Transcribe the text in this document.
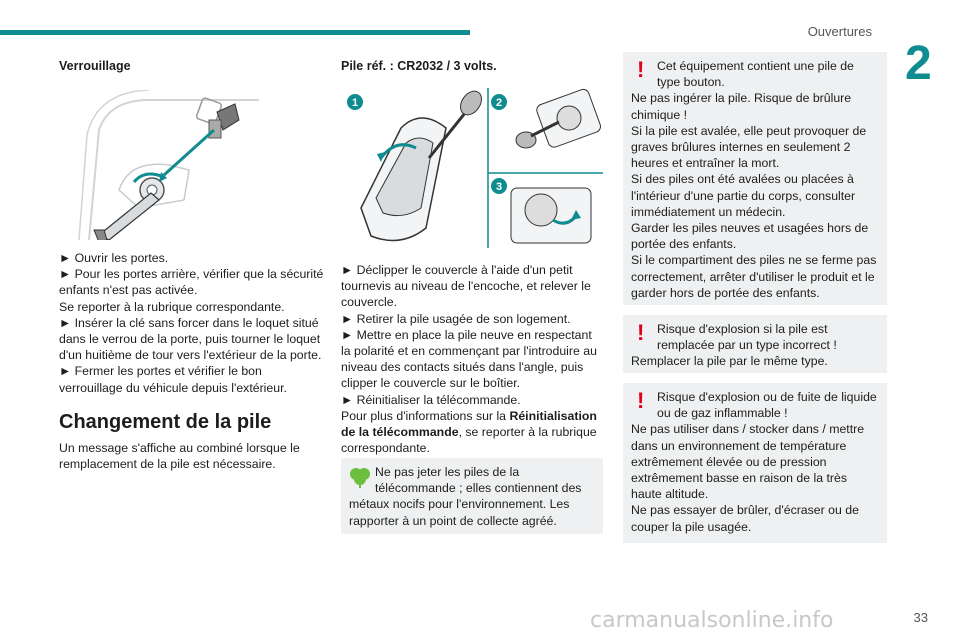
Ouvertures
2
33
Verrouillage
► Ouvrir les portes.
► Pour les portes arrière, vérifier que la sécurité enfants n'est pas activée.
Se reporter à la rubrique correspondante.
► Insérer la clé sans forcer dans le loquet situé dans le verrou de la porte, puis tourner le loquet d'un huitième de tour vers l'extérieur de la porte.
► Fermer les portes et vérifier le bon verrouillage du véhicule depuis l'extérieur.
Changement de la pile
Un message s'affiche au combiné lorsque le remplacement de la pile est nécessaire.
Pile réf. : CR2032 / 3 volts.
1	2
3
► Déclipper le couvercle à l'aide d'un petit tournevis au niveau de l'encoche, et relever le couvercle.
► Retirer la pile usagée de son logement.
► Mettre en place la pile neuve en respectant la polarité et en commençant par l'introduire au niveau des contacts situés dans l'angle, puis clipper le couvercle sur le boîtier.
► Réinitialiser la télécommande.
Pour plus d'informations sur la Réinitialisation de la télécommande, se reporter à la rubrique correspondante.
Ne pas jeter les piles de la télécommande ; elles contiennent des
métaux nocifs pour l'environnement. Les rapporter à un point de collecte agréé.
! Cet équipement contient une pile de type bouton.
Ne pas ingérer la pile. Risque de brûlure chimique !
Si la pile est avalée, elle peut provoquer de graves brûlures internes en seulement 2 heures et entraîner la mort.
Si des piles ont été avalées ou placées à l'intérieur d'une partie du corps, consulter immédiatement un médecin.
Garder les piles neuves et usagées hors de portée des enfants.
Si le compartiment des piles ne se ferme pas correctement, arrêter d'utiliser le produit et le garder hors de portée des enfants.
! Risque d'explosion si la pile est remplacée par un type incorrect !
Remplacer la pile par le même type.
! Risque d'explosion ou de fuite de liquide ou de gaz inflammable !
Ne pas utiliser dans / stocker dans / mettre dans un environnement de température extrêmement élevée ou de pression extrêmement basse en raison de la très haute altitude.
Ne pas essayer de brûler, d'écraser ou de couper la pile usagée.
carmanualsonline.info
